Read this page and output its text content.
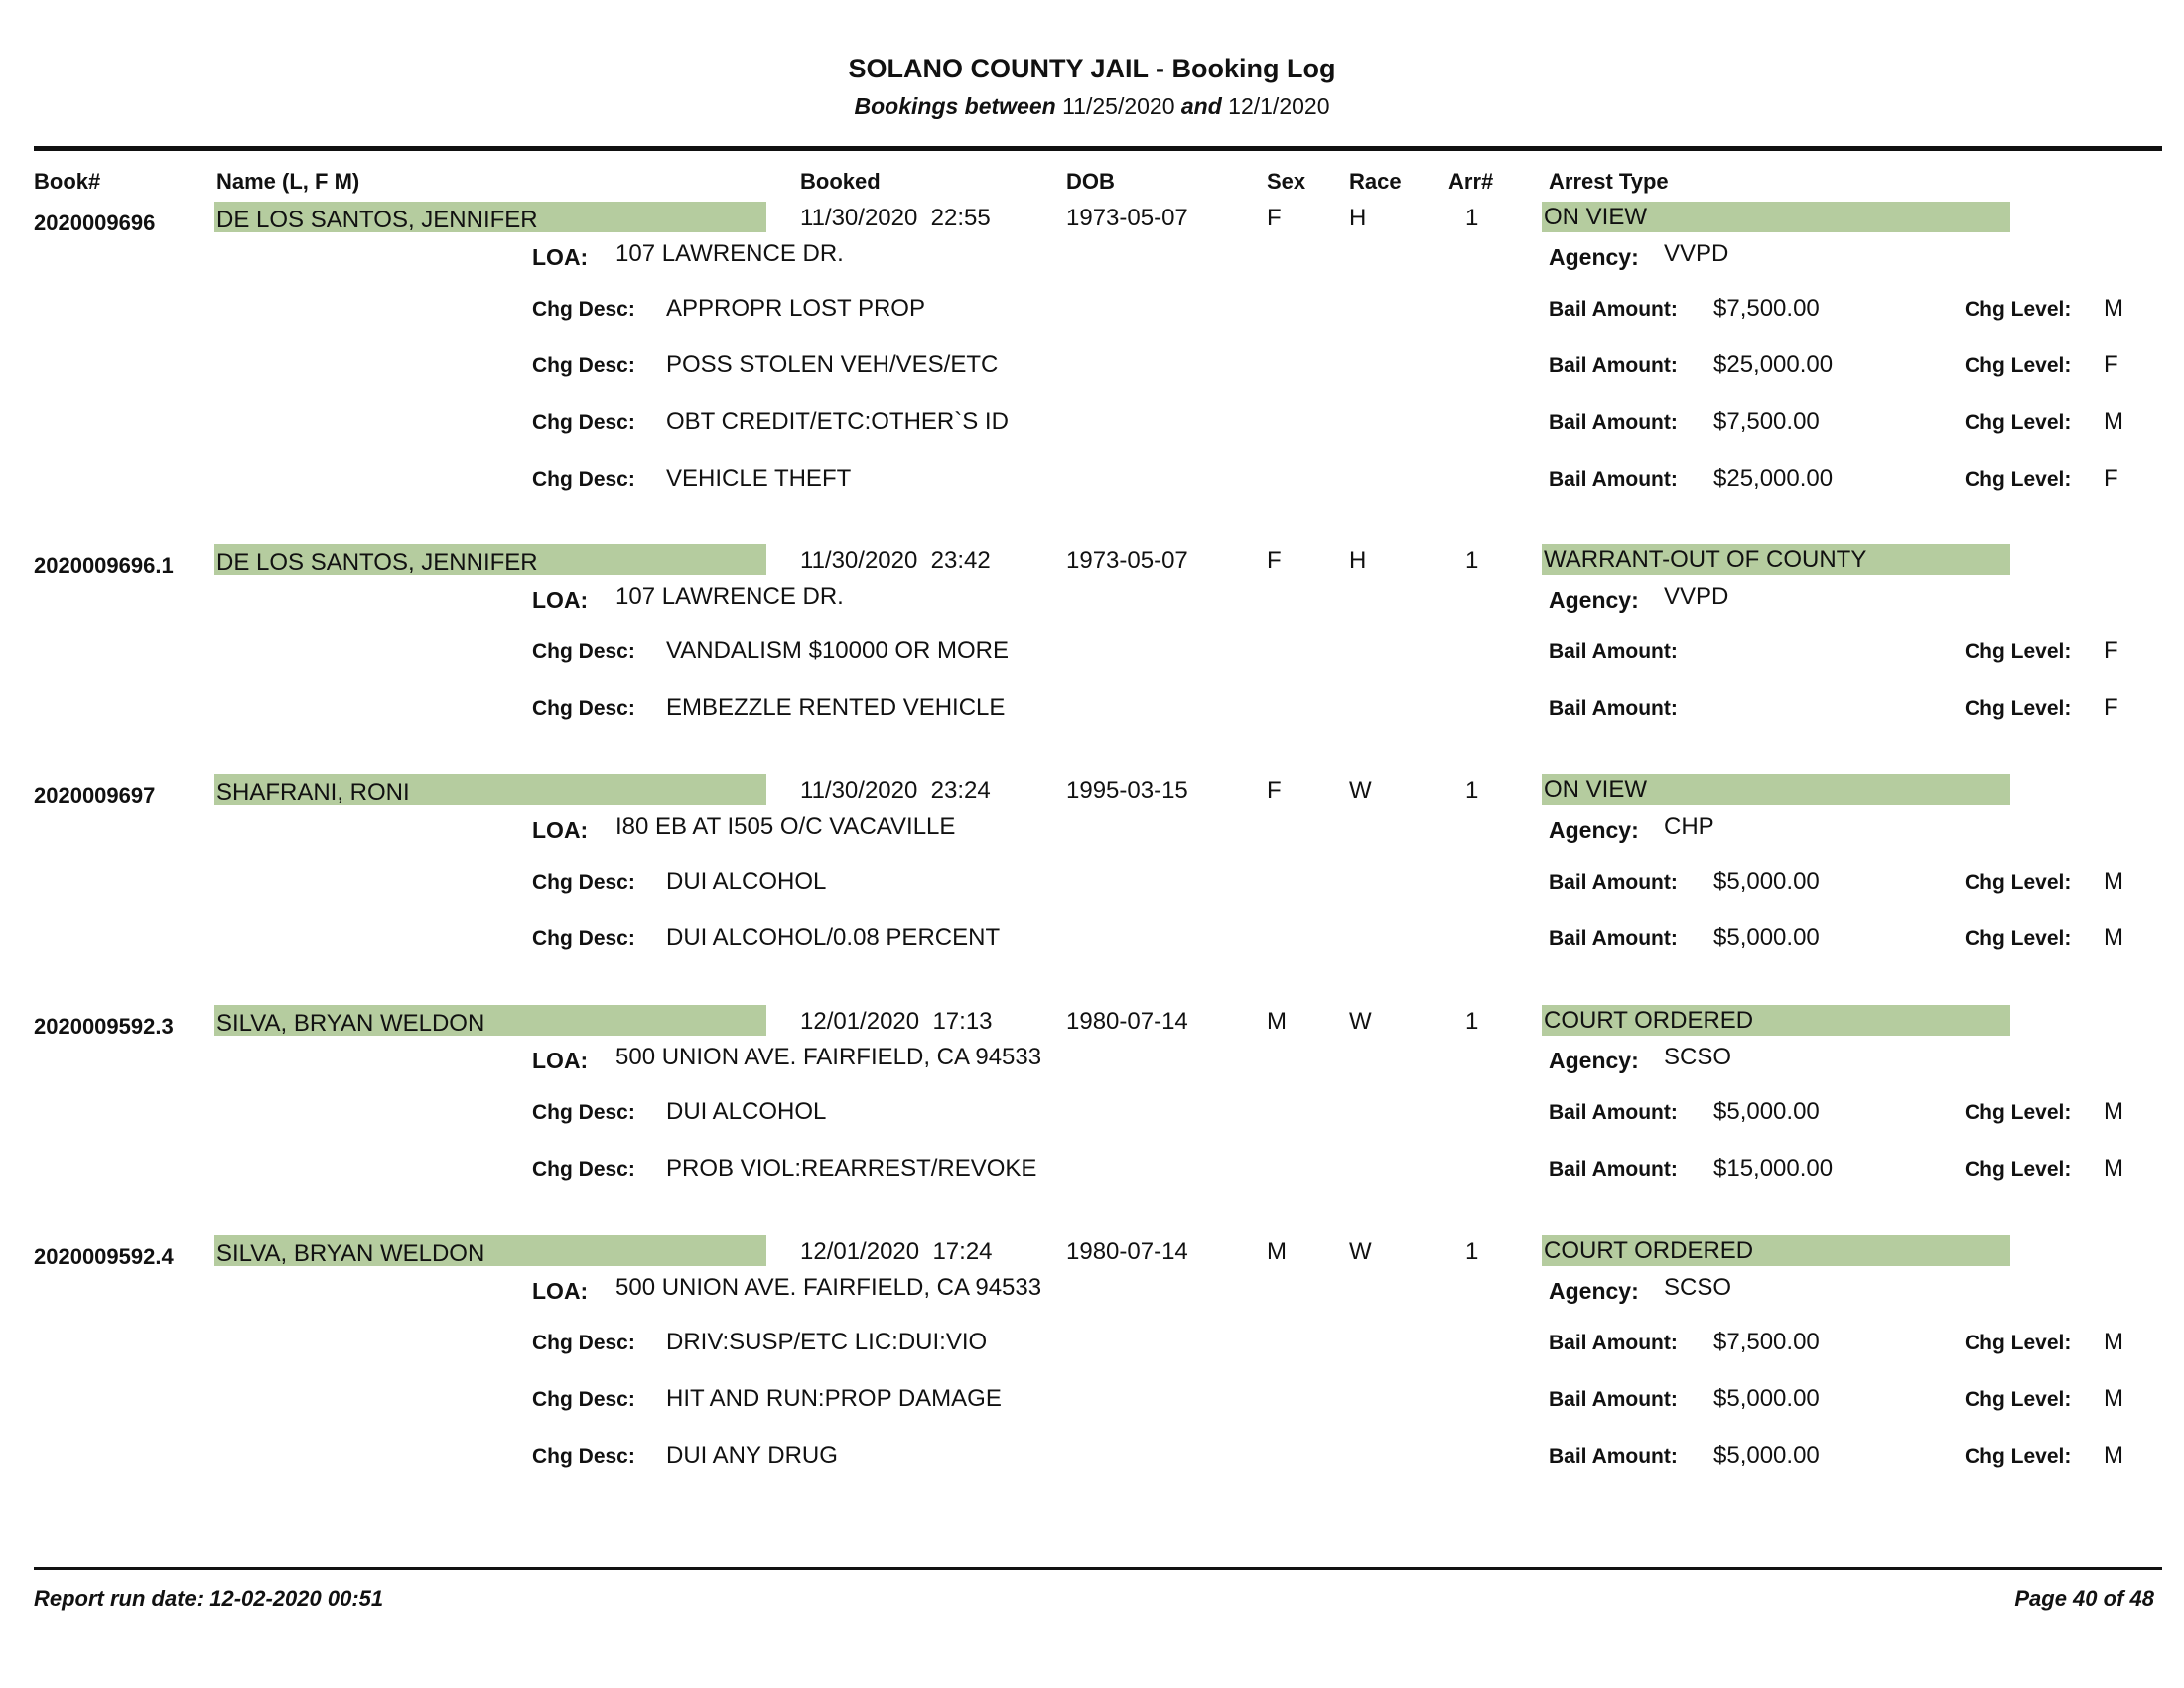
SOLANO COUNTY JAIL - Booking Log
Bookings between 11/25/2020 and 12/1/2020
Book#	Name (L, F M)	Booked	DOB	Sex Race Arr#	Arrest Type
2020009696	DE LOS SANTOS, JENNIFER	11/30/2020  22:55	1973-05-07	F	H	1	ON VIEW
LOA: 107 LAWRENCE DR.	Agency: VVPD
Chg Desc: APPROPR LOST PROP	Bail Amount: $7,500.00	Chg Level: M
Chg Desc: POSS STOLEN VEH/VES/ETC	Bail Amount: $25,000.00	Chg Level: F
Chg Desc: OBT CREDIT/ETC:OTHER`S ID	Bail Amount: $7,500.00	Chg Level: M
Chg Desc: VEHICLE THEFT	Bail Amount: $25,000.00	Chg Level: F
2020009696.1 DE LOS SANTOS, JENNIFER	11/30/2020  23:42	1973-05-07	F	H	1	WARRANT-OUT OF COUNTY
LOA: 107 LAWRENCE DR.	Agency: VVPD
Chg Desc: VANDALISM $10000 OR MORE	Bail Amount:	Chg Level: F
Chg Desc: EMBEZZLE RENTED VEHICLE	Bail Amount:	Chg Level: F
2020009697	SHAFRANI, RONI	11/30/2020  23:24	1995-03-15	F	W	1	ON VIEW
LOA: I80 EB AT I505 O/C VACAVILLE	Agency: CHP
Chg Desc: DUI ALCOHOL	Bail Amount: $5,000.00	Chg Level: M
Chg Desc: DUI ALCOHOL/0.08 PERCENT	Bail Amount: $5,000.00	Chg Level: M
2020009592.3 SILVA, BRYAN WELDON	12/01/2020  17:13	1980-07-14	M	W	1	COURT ORDERED
LOA: 500 UNION AVE. FAIRFIELD, CA 94533	Agency: SCSO
Chg Desc: DUI ALCOHOL	Bail Amount: $5,000.00	Chg Level: M
Chg Desc: PROB VIOL:REARREST/REVOKE	Bail Amount: $15,000.00	Chg Level: M
2020009592.4 SILVA, BRYAN WELDON	12/01/2020  17:24	1980-07-14	M	W	1	COURT ORDERED
LOA: 500 UNION AVE. FAIRFIELD, CA 94533	Agency: SCSO
Chg Desc: DRIV:SUSP/ETC LIC:DUI:VIO	Bail Amount: $7,500.00	Chg Level: M
Chg Desc: HIT AND RUN:PROP DAMAGE	Bail Amount: $5,000.00	Chg Level: M
Chg Desc: DUI ANY DRUG	Bail Amount: $5,000.00	Chg Level: M
Report run date: 12-02-2020 00:51	Page 40 of 48
